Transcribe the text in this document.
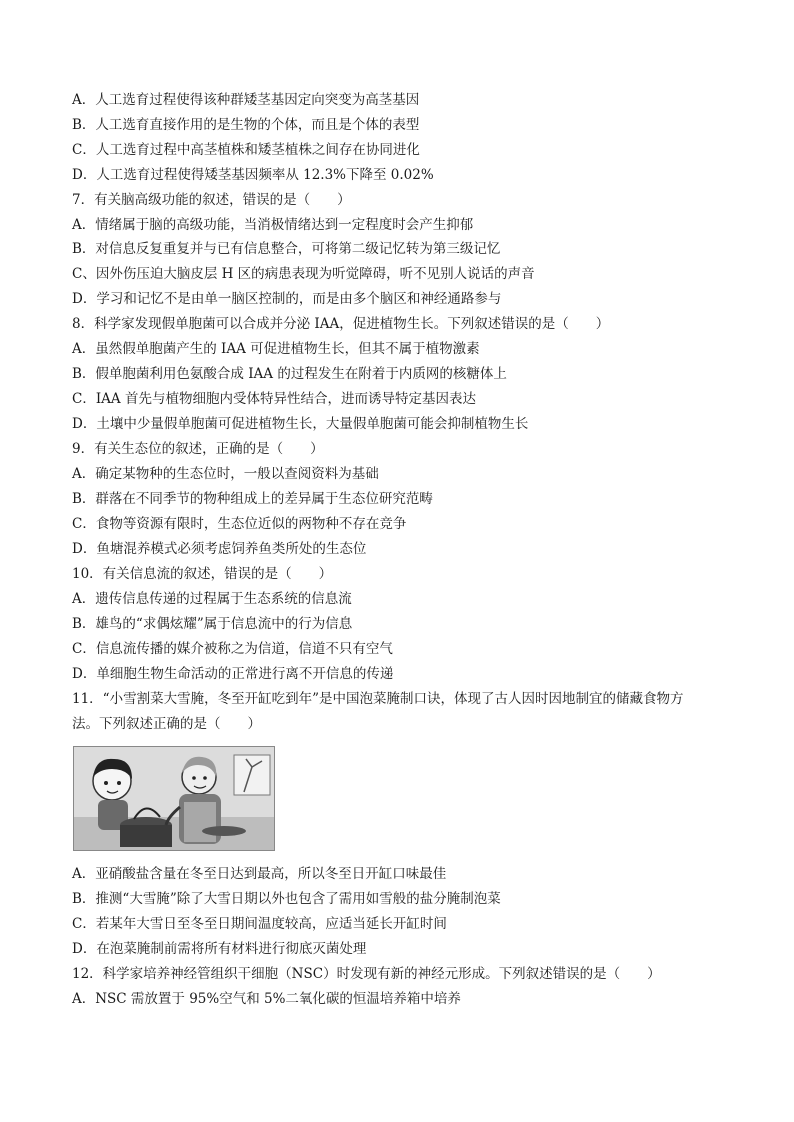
A．人工选育过程使得该种群矮茎基因定向突变为高茎基因
B．人工选育直接作用的是生物的个体，而且是个体的表型
C．人工选育过程中高茎植株和矮茎植株之间存在协同进化
D．人工选育过程使得矮茎基因频率从 12.3%下降至 0.02%
7．有关脑高级功能的叙述，错误的是（　　）
A．情绪属于脑的高级功能，当消极情绪达到一定程度时会产生抑郁
B．对信息反复重复并与已有信息整合，可将第二级记忆转为第三级记忆
C、因外伤压迫大脑皮层 H 区的病患表现为听觉障碍，听不见别人说话的声音
D．学习和记忆不是由单一脑区控制的，而是由多个脑区和神经通路参与
8．科学家发现假单胞菌可以合成并分泌 IAA，促进植物生长。下列叙述错误的是（　　）
A．虽然假单胞菌产生的 IAA 可促进植物生长，但其不属于植物激素
B．假单胞菌利用色氨酸合成 IAA 的过程发生在附着于内质网的核糖体上
C．IAA 首先与植物细胞内受体特异性结合，进而诱导特定基因表达
D．土壤中少量假单胞菌可促进植物生长，大量假单胞菌可能会抑制植物生长
9．有关生态位的叙述，正确的是（　　）
A．确定某物种的生态位时，一般以查阅资料为基础
B．群落在不同季节的物种组成上的差异属于生态位研究范畴
C．食物等资源有限时，生态位近似的两物种不存在竞争
D．鱼塘混养模式必须考虑饲养鱼类所处的生态位
10．有关信息流的叙述，错误的是（　　）
A．遗传信息传递的过程属于生态系统的信息流
B．雄鸟的“求偶炫耀”属于信息流中的行为信息
C．信息流传播的媒介被称之为信道，信道不只有空气
D．单细胞生物生命活动的正常进行离不开信息的传递
11．“小雪割菜大雪腌，冬至开缸吃到年”是中国泡菜腌制口诀，体现了古人因时因地制宜的储藏食物方
法。下列叙述正确的是（　　）
A．亚硝酸盐含量在冬至日达到最高，所以冬至日开缸口味最佳
B．推测“大雪腌”除了大雪日期以外也包含了需用如雪般的盐分腌制泡菜
C．若某年大雪日至冬至日期间温度较高，应适当延长开缸时间
D．在泡菜腌制前需将所有材料进行彻底灭菌处理
12．科学家培养神经管组织干细胞（NSC）时发现有新的神经元形成。下列叙述错误的是（　　）
A．NSC 需放置于 95%空气和 5%二氧化碳的恒温培养箱中培养
